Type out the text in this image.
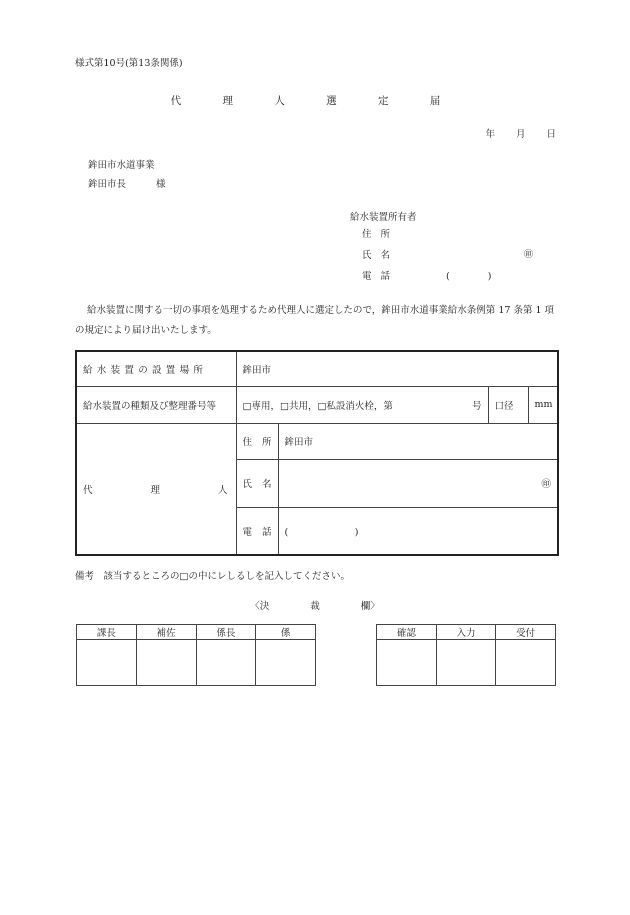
様式第10号(第13条関係)
代 理 人 選 定 届
年 月 日
鉾田市水道事業
鉾田市長	様
給水装置所有者
住 所
氏 名	㊞
電 話	(　　　　)
給水装置に関する一切の事項を処理するため代理人に選定したので，鉾田市水道事業給水条例第 17 条第 1 項の規定により届け出いたします。
給水装置の設置場所	鉾田市			
給水装置の種類及び整理番号等	□専用，□共用，□私設消火栓，第 号		口径	mm

代 理 人	住 所	鉾田市		

	氏 名	㊞		

	電 話	(　　　　　　　)		
備考　該当するところの□の中にレしるしを記入してください。
〈決 裁 欄〉
課長	補佐	係長	係
				確認	入力	受付
